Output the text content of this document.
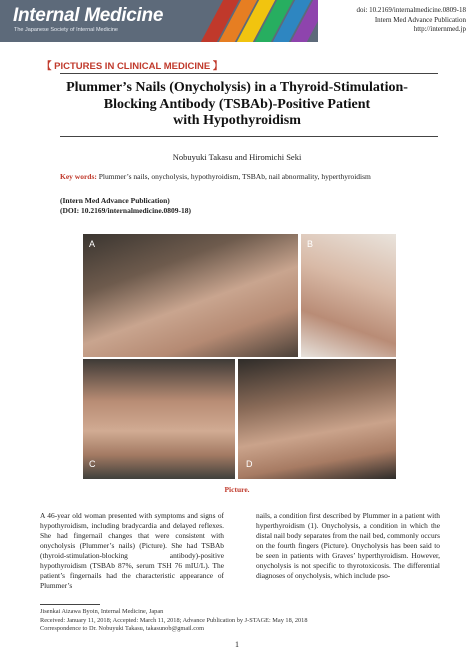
Internal Medicine
The Japanese Society of Internal Medicine
doi: 10.2169/internalmedicine.0809-18
Intern Med Advance Publication
http://internmed.jp
【 PICTURES IN CLINICAL MEDICINE 】
Plummer’s Nails (Onycholysis) in a Thyroid-Stimulation-
Blocking Antibody (TSBAb)-Positive Patient
with Hypothyroidism
Nobuyuki Takasu and Hiromichi Seki
Key words: Plummer’s nails, onycholysis, hypothyroidism, TSBAb, nail abnormality, hyperthyroidism
(Intern Med Advance Publication)
(DOI: 10.2169/internalmedicine.0809-18)
A	B
C	D
Picture.
A 46-year old woman presented with symptoms and signs of hypothyroidism, including bradycardia and delayed reflexes. She had fingernail changes that were consistent with onycholysis (Plummer’s nails) (Picture). She had TSBAb (thyroid-stimulation-blocking antibody)-positive hypothyroidism (TSBAb 87%, serum TSH 76 mIU/L). The patient’s fingernails had the characteristic appearance of Plummer’s
nails, a condition first described by Plummer in a patient with hyperthyroidism (1). Onycholysis, a condition in which the distal nail body separates from the nail bed, commonly occurs on the fourth fingers (Picture). Onycholysis has been said to be seen in patients with Graves’ hyperthyroidism. However, onycholysis is not specific to thyrotoxicosis. The differential diagnoses of onycholysis, which include pso-
Jisenkai Aizawa Byoin, Internal Medicine, Japan
Received: January 11, 2018; Accepted: March 11, 2018; Advance Publication by J-STAGE: May 18, 2018
Correspondence to Dr. Nobuyuki Takasu, takasunob@gmail.com
1
